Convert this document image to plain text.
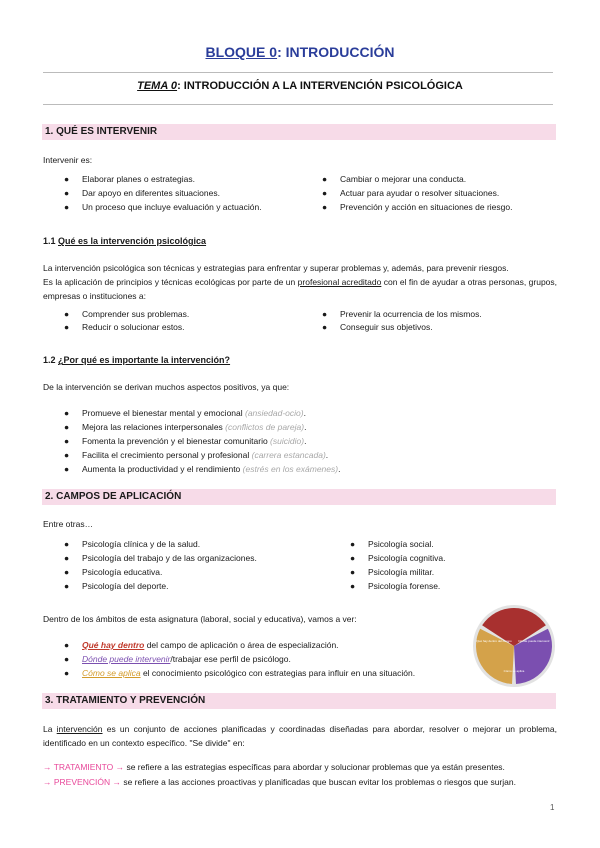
BLOQUE 0: INTRODUCCIÓN
TEMA 0: INTRODUCCIÓN A LA INTERVENCIÓN PSICOLÓGICA
1. QUÉ ES INTERVENIR
Intervenir es:
● Elaborar planes o estrategias.
● Dar apoyo en diferentes situaciones.
● Un proceso que incluye evaluación y actuación.
● Cambiar o mejorar una conducta.
● Actuar para ayudar o resolver situaciones.
● Prevención y acción en situaciones de riesgo.
1.1 Qué es la intervención psicológica
La intervención psicológica son técnicas y estrategias para enfrentar y superar problemas y, además, para prevenir riesgos.
Es la aplicación de principios y técnicas ecológicas por parte de un profesional acreditado con el fin de ayudar a otras personas, grupos, empresas o instituciones a:
● Comprender sus problemas.
● Reducir o solucionar estos.
● Prevenir la ocurrencia de los mismos.
● Conseguir sus objetivos.
1.2 ¿Por qué es importante la intervención?
De la intervención se derivan muchos aspectos positivos, ya que:
● Promueve el bienestar mental y emocional (ansiedad-ocio).
● Mejora las relaciones interpersonales (conflictos de pareja).
● Fomenta la prevención y el bienestar comunitario (suicidio).
● Facilita el crecimiento personal y profesional (carrera estancada).
● Aumenta la productividad y el rendimiento (estrés en los exámenes).
2. CAMPOS DE APLICACIÓN
Entre otras…
● Psicología clínica y de la salud.
● Psicología del trabajo y de las organizaciones.
● Psicología educativa.
● Psicología del deporte.
● Psicología social.
● Psicología cognitiva.
● Psicología militar.
● Psicología forense.
Dentro de los ámbitos de esta asignatura (laboral, social y educativa), vamos a ver:
● Qué hay dentro del campo de aplicación o área de especialización.
● Dónde puede intervenir/trabajar ese perfil de psicólogo.
● Cómo se aplica el conocimiento psicológico con estrategias para influir en una situación.
Qué hay dentro del campo Dónde puede intervenir
Cómo se aplica
3. TRATAMIENTO Y PREVENCIÓN
La intervención es un conjunto de acciones planificadas y coordinadas diseñadas para abordar, resolver o mejorar un problema, identificado en un contexto específico. "Se divide" en:
→ TRATAMIENTO → se refiere a las estrategias específicas para abordar y solucionar problemas que ya están presentes.
→ PREVENCIÓN → se refiere a las acciones proactivas y planificadas que buscan evitar los problemas o riesgos que surjan.
1
